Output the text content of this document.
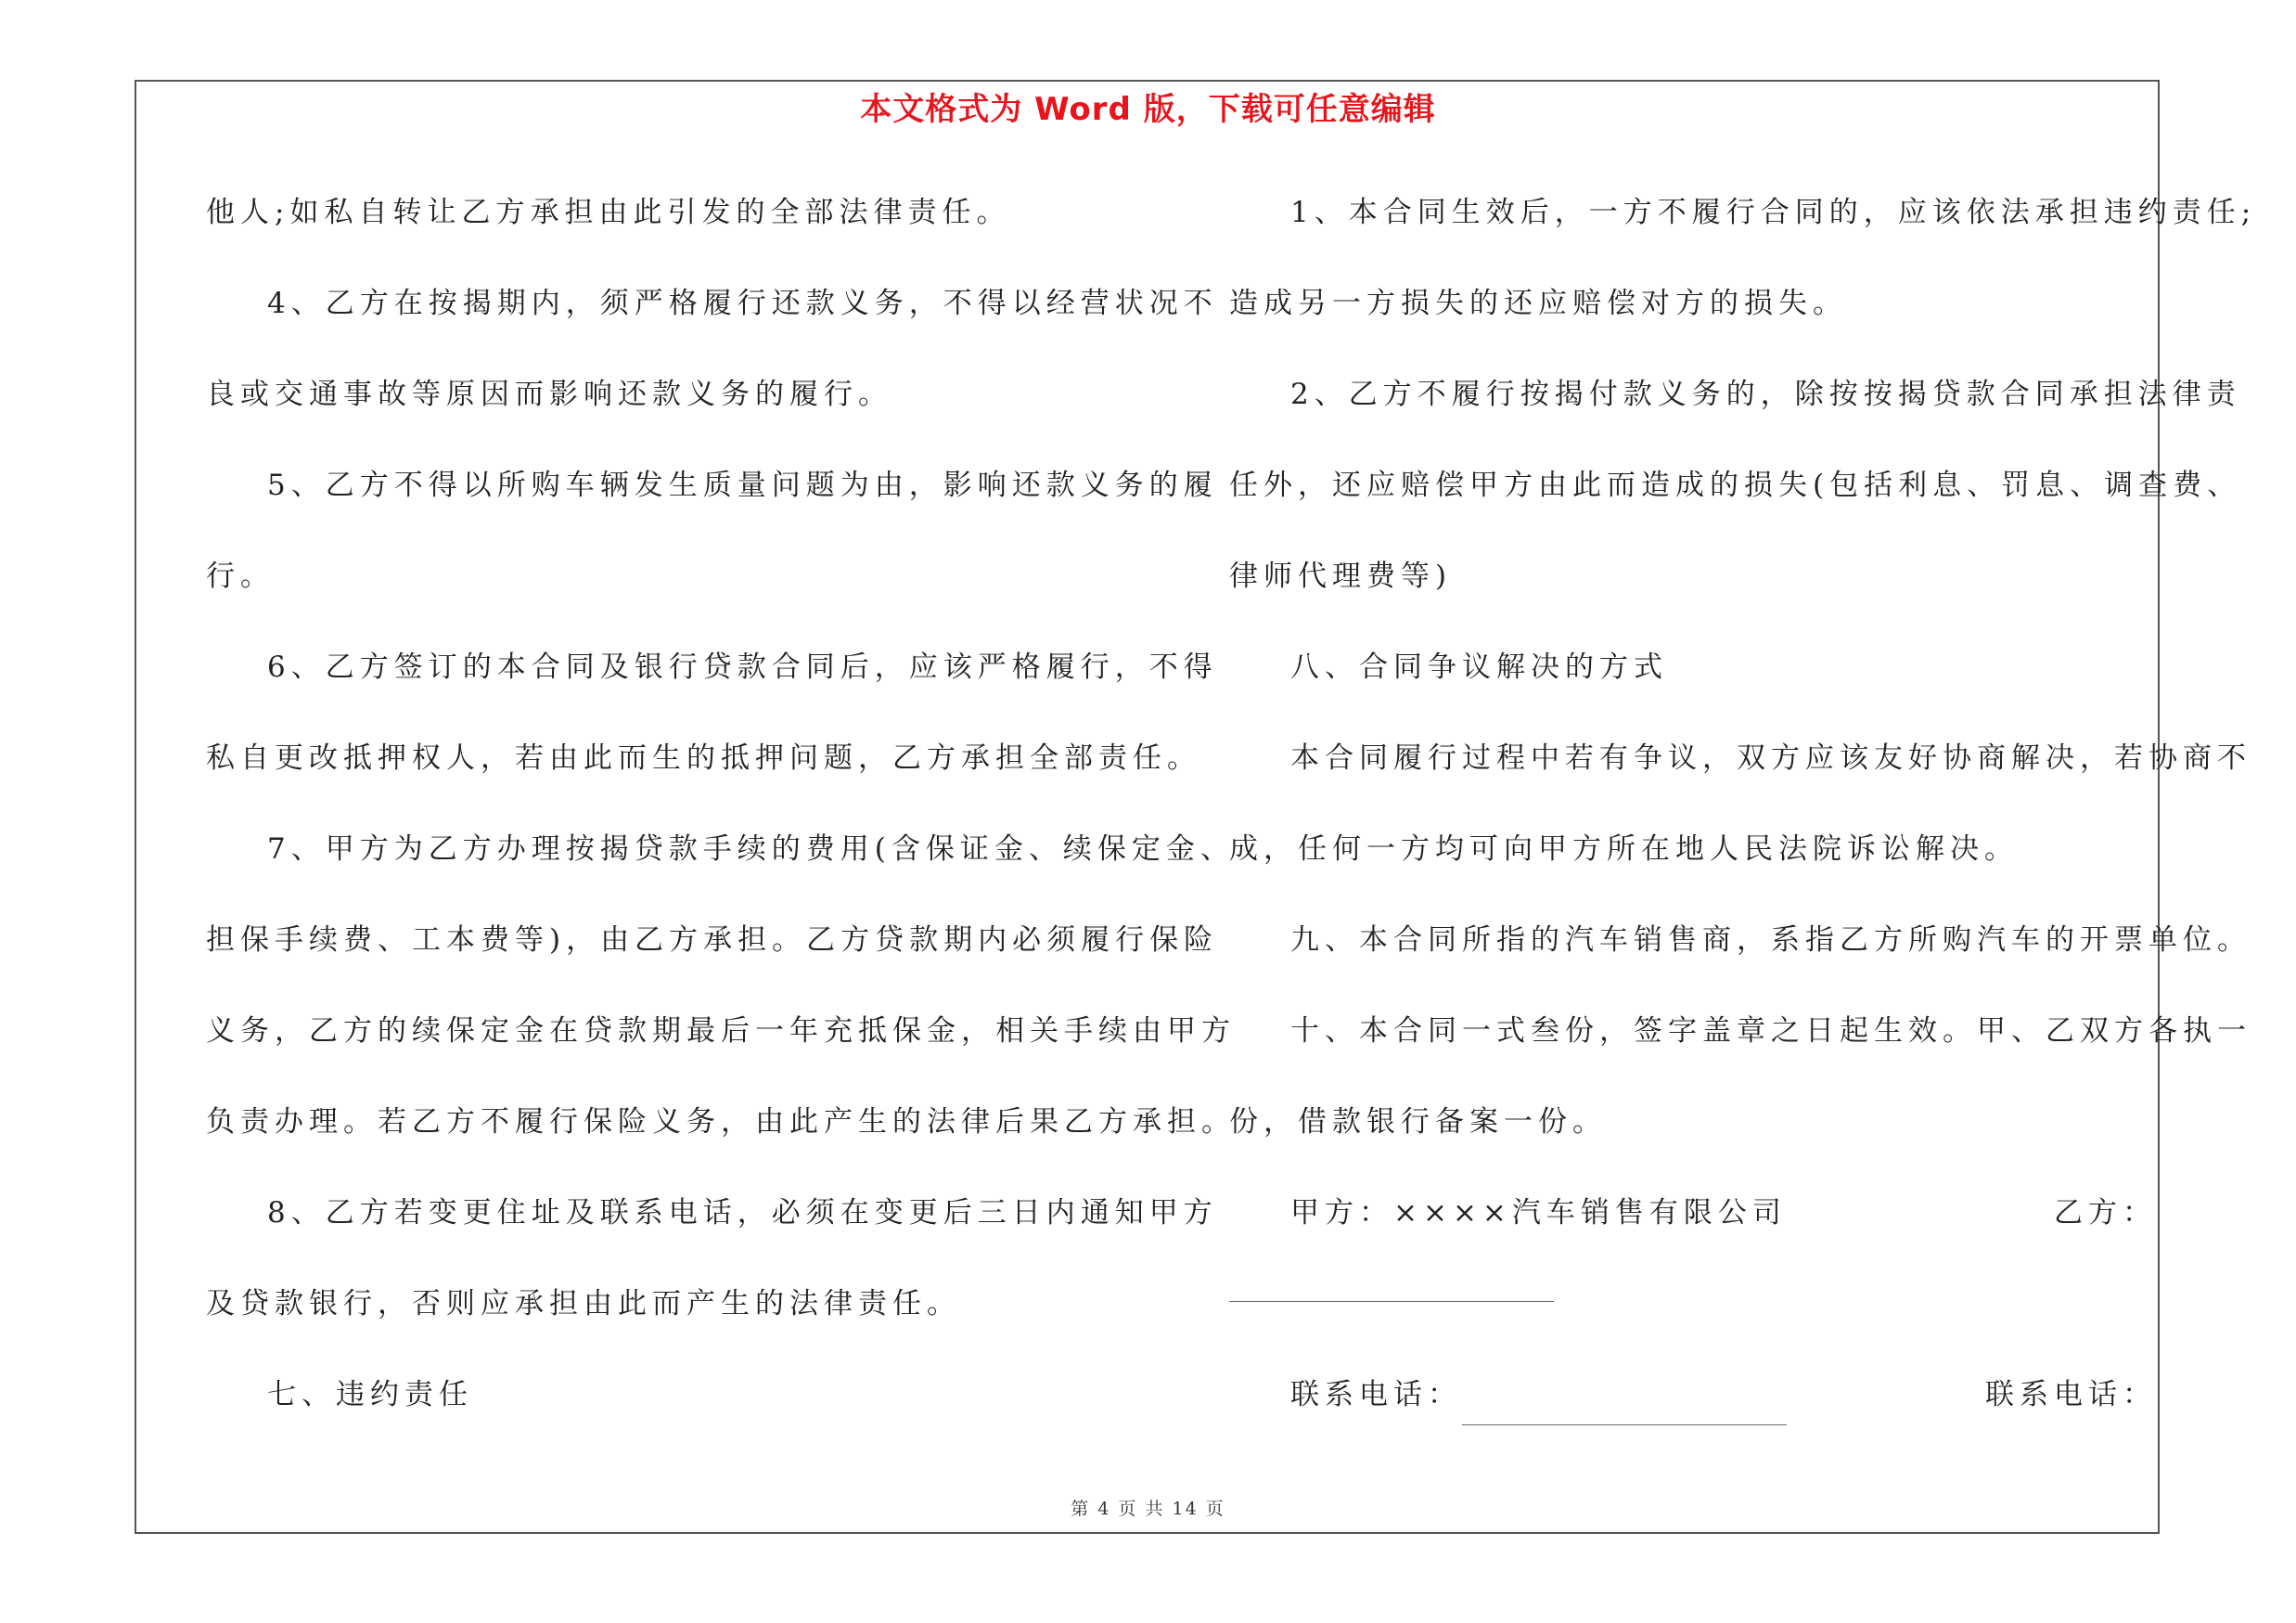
本文格式为 Word 版，下载可任意编辑
他人;如私自转让乙方承担由此引发的全部法律责任。
4、乙方在按揭期内，须严格履行还款义务，不得以经营状况不
良或交通事故等原因而影响还款义务的履行。
5、乙方不得以所购车辆发生质量问题为由，影响还款义务的履
行。
6、乙方签订的本合同及银行贷款合同后，应该严格履行，不得
私自更改抵押权人，若由此而生的抵押问题，乙方承担全部责任。
7、甲方为乙方办理按揭贷款手续的费用(含保证金、续保定金、
担保手续费、工本费等)，由乙方承担。乙方贷款期内必须履行保险
义务，乙方的续保定金在贷款期最后一年充抵保金，相关手续由甲方
负责办理。若乙方不履行保险义务，由此产生的法律后果乙方承担。
8、乙方若变更住址及联系电话，必须在变更后三日内通知甲方
及贷款银行，否则应承担由此而产生的法律责任。
七、违约责任
1、本合同生效后，一方不履行合同的，应该依法承担违约责任;
造成另一方损失的还应赔偿对方的损失。
2、乙方不履行按揭付款义务的，除按按揭贷款合同承担法律责
任外，还应赔偿甲方由此而造成的损失(包括利息、罚息、调查费、
律师代理费等)
八、合同争议解决的方式
本合同履行过程中若有争议，双方应该友好协商解决，若协商不
成，任何一方均可向甲方所在地人民法院诉讼解决。
九、本合同所指的汽车销售商，系指乙方所购汽车的开票单位。
十、本合同一式叁份，签字盖章之日起生效。甲、乙双方各执一
份，借款银行备案一份。
甲方：××××汽车销售有限公司	乙方：
联系电话：	联系电话：
第 4 页 共 14 页
